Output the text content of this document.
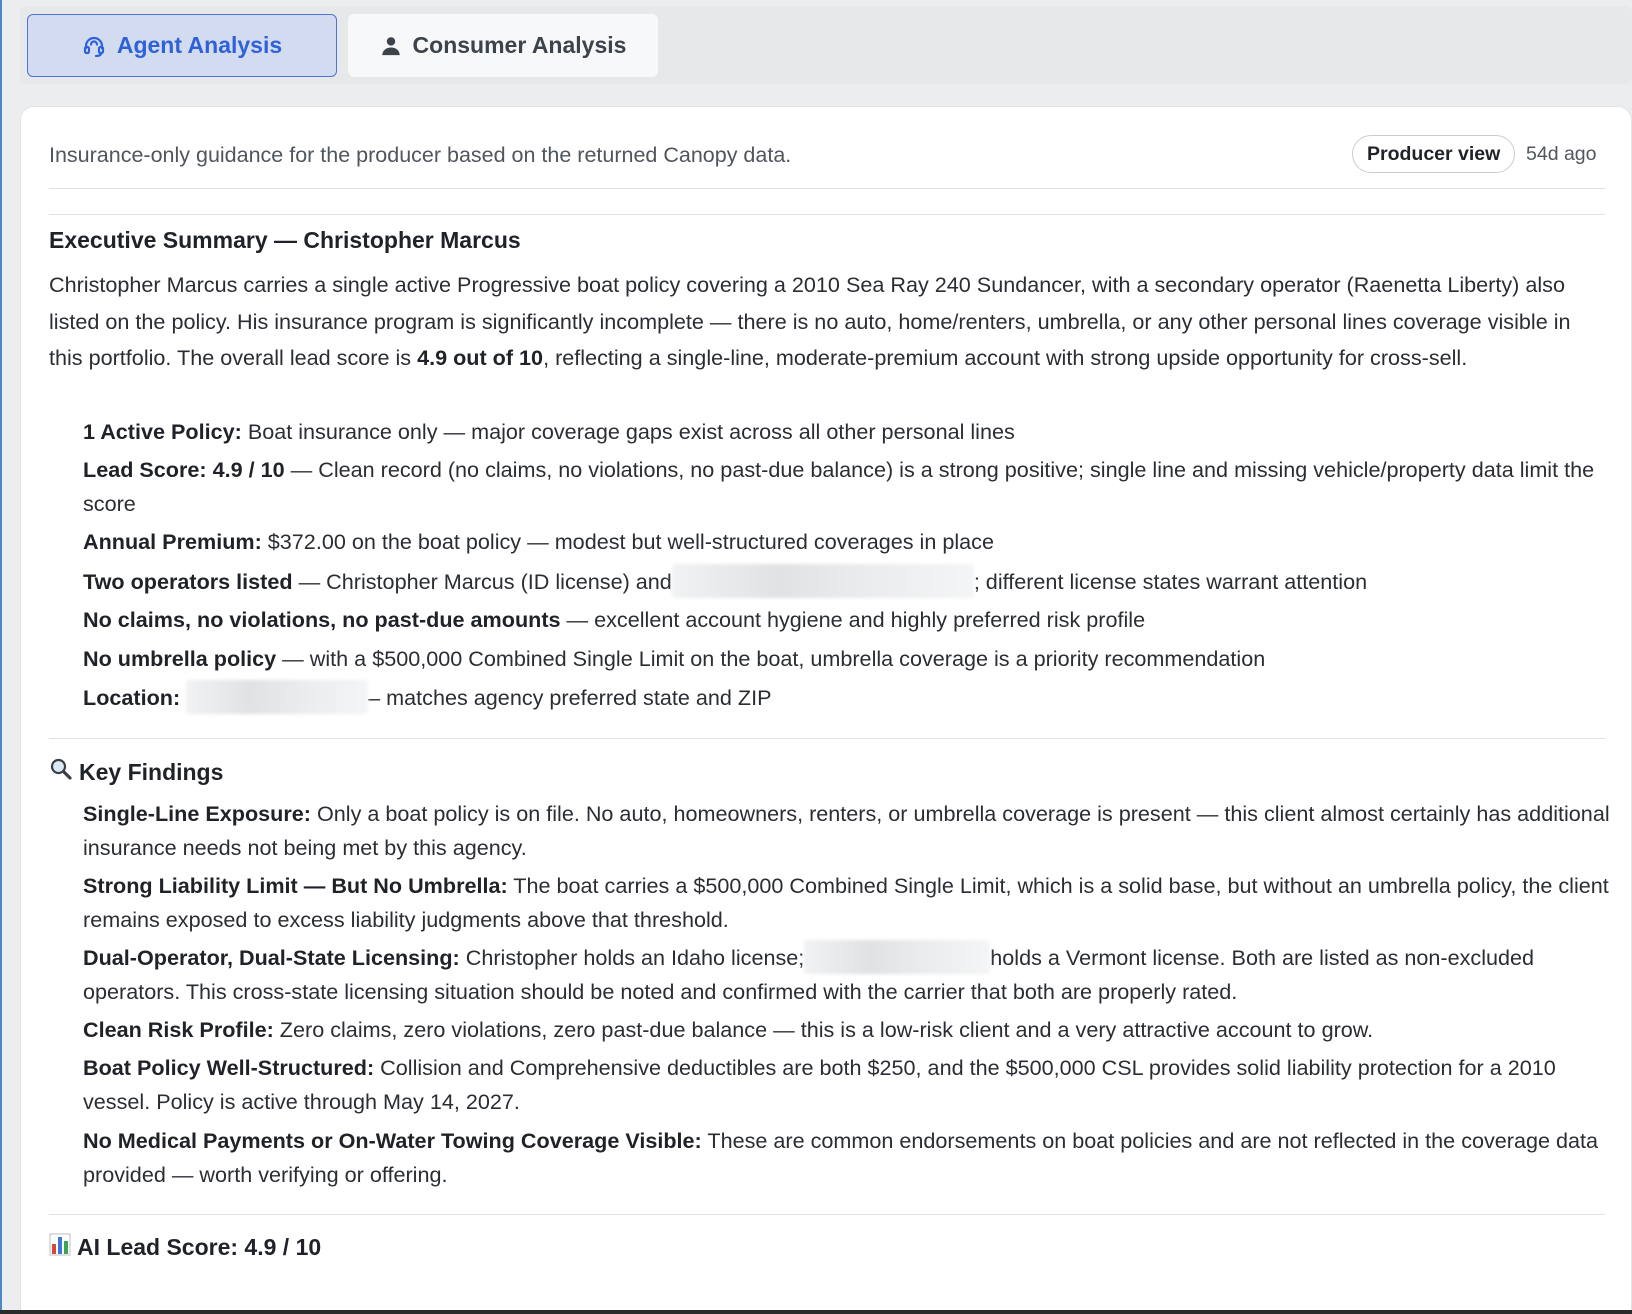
Agent Analysis	Consumer Analysis
Insurance-only guidance for the producer based on the returned Canopy data.	Producer view 54d ago
Executive Summary — Christopher Marcus
Christopher Marcus carries a single active Progressive boat policy covering a 2010 Sea Ray 240 Sundancer, with a secondary operator (Raenetta Liberty) also listed on the policy. His insurance program is significantly incomplete — there is no auto, home/renters, umbrella, or any other personal lines coverage visible in this portfolio. The overall lead score is 4.9 out of 10, reflecting a single-line, moderate-premium account with strong upside opportunity for cross-sell.
1 Active Policy: Boat insurance only — major coverage gaps exist across all other personal lines
Lead Score: 4.9 / 10 — Clean record (no claims, no violations, no past-due balance) is a strong positive; single line and missing vehicle/property data limit the score
Annual Premium: $372.00 on the boat policy — modest but well-structured coverages in place
Two operators listed — Christopher Marcus (ID license) and	; different license states warrant attention
No claims, no violations, no past-due amounts — excellent account hygiene and highly preferred risk profile
No umbrella policy — with a $500,000 Combined Single Limit on the boat, umbrella coverage is a priority recommendation
Location:	– matches agency preferred state and ZIP
Key Findings
Single-Line Exposure: Only a boat policy is on file. No auto, homeowners, renters, or umbrella coverage is present — this client almost certainly has additional insurance needs not being met by this agency.
Strong Liability Limit — But No Umbrella: The boat carries a $500,000 Combined Single Limit, which is a solid base, but without an umbrella policy, the client remains exposed to excess liability judgments above that threshold.
Dual-Operator, Dual-State Licensing: Christopher holds an Idaho license;	holds a Vermont license. Both are listed as non-excluded operators. This cross-state licensing situation should be noted and confirmed with the carrier that both are properly rated.
Clean Risk Profile: Zero claims, zero violations, zero past-due balance — this is a low-risk client and a very attractive account to grow.
Boat Policy Well-Structured: Collision and Comprehensive deductibles are both $250, and the $500,000 CSL provides solid liability protection for a 2010 vessel. Policy is active through May 14, 2027.
No Medical Payments or On-Water Towing Coverage Visible: These are common endorsements on boat policies and are not reflected in the coverage data provided — worth verifying or offering.
AI Lead Score: 4.9 / 10
